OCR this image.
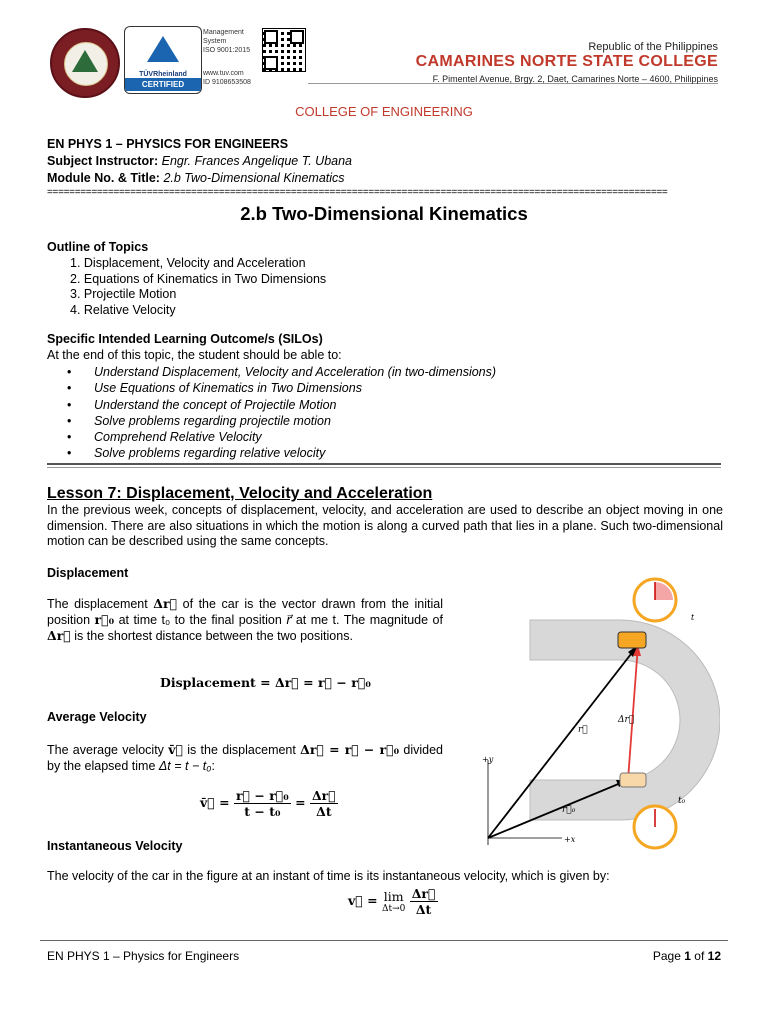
TÜVRheinland
CERTIFIED
Management
System
ISO 9001:2015
www.tuv.com
ID 9108653508
Republic of the Philippines
CAMARINES NORTE STATE COLLEGE
F. Pimentel Avenue, Brgy. 2, Daet, Camarines Norte – 4600, Philippines
COLLEGE OF ENGINEERING
EN PHYS 1 – PHYSICS FOR ENGINEERS
Subject Instructor: Engr. Frances Angelique T. Ubana
Module No. & Title: 2.b Two-Dimensional Kinematics
================================================================================================================
2.b Two-Dimensional Kinematics
Outline of Topics
1. Displacement, Velocity and Acceleration
2. Equations of Kinematics in Two Dimensions
3. Projectile Motion
4. Relative Velocity
Specific Intended Learning Outcome/s (SILOs)
At the end of this topic, the student should be able to:
• Understand Displacement, Velocity and Acceleration (in two-dimensions)
• Use Equations of Kinematics in Two Dimensions
• Understand the concept of Projectile Motion
• Solve problems regarding projectile motion
• Comprehend Relative Velocity
• Solve problems regarding relative velocity
Lesson 7: Displacement, Velocity and Acceleration
In the previous week, concepts of displacement, velocity, and acceleration are used to describe an object moving in one dimension. There are also situations in which the motion is along a curved path that lies in a plane. Such two-dimensional motion can be described using the same concepts.
Displacement
The displacement Δr⃗ of the car is the vector drawn from the initial position r⃗₀ at time t₀ to the final position r⃗ at me t. The magnitude of Δr⃗ is the shortest distance between the two positions.
Displacement = Δr⃗ = r⃗ − r⃗₀
Average Velocity
The average velocity v̄⃗ is the displacement Δr⃗ = r⃗ − r⃗₀ divided by the elapsed time Δt = t − t₀:
v̄⃗ = $\frac{\text{r⃗ − r⃗₀}}{\text{t − t₀}} = \frac{\Delta r⃗}{\Delta t}$
Instantaneous Velocity
The velocity of the car in the figure at an instant of time is its instantaneous velocity, which is given by:
v⃗ = lim
Δt→0
$\frac{\Delta r⃗}{\Delta t}$
r⃗
r⃗₀
Δr⃗
+y
+x
t
t₀
EN PHYS 1 – Physics for Engineers	Page 1 of 12
